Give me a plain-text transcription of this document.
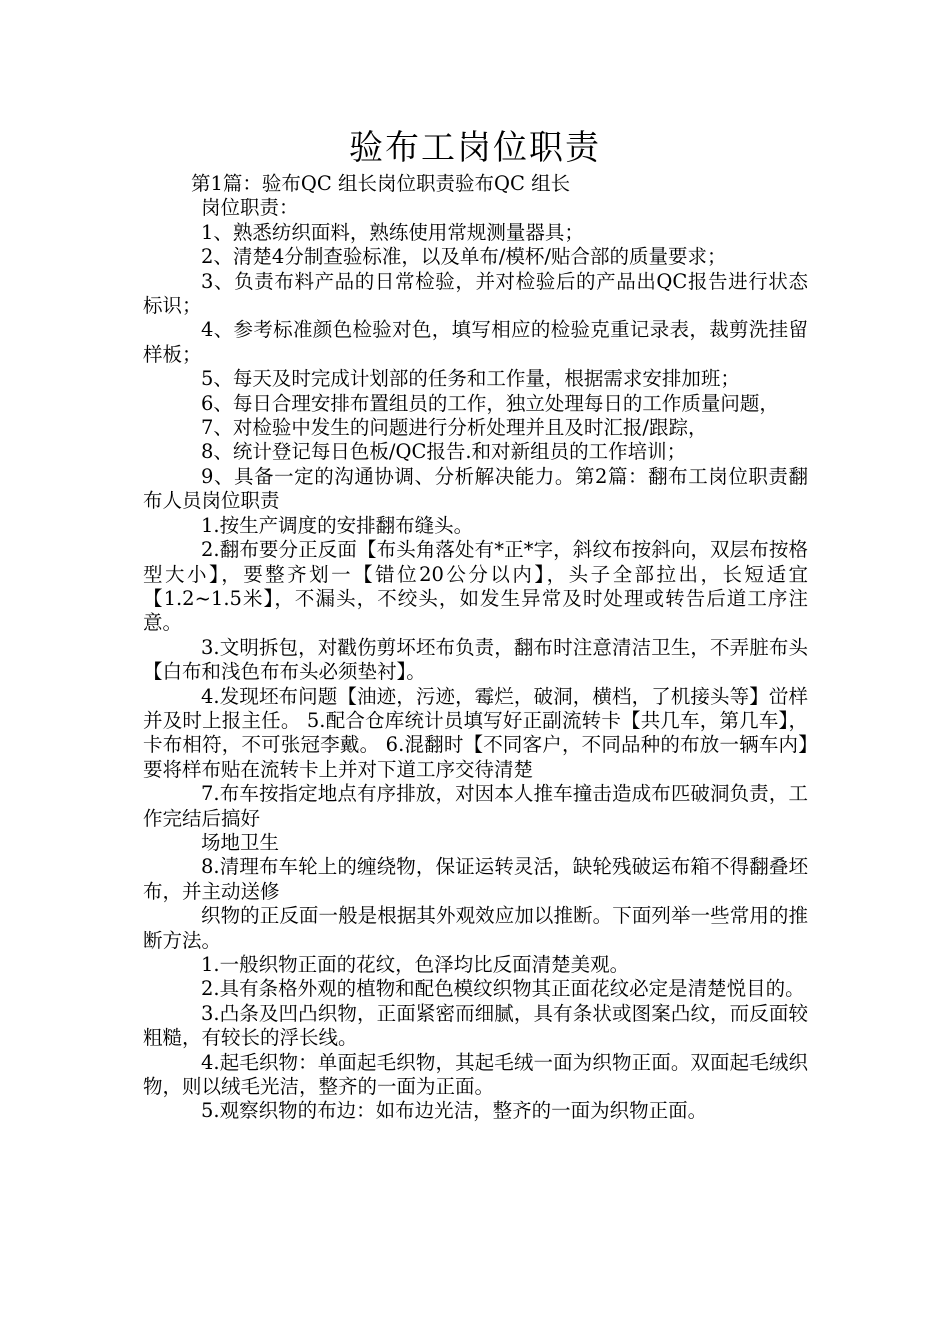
验布工岗位职责

第1篇：验布QC 组长岗位职责验布QC 组长

岗位职责：

1、熟悉纺织面料，熟练使用常规测量器具；

2、清楚4分制查验标准，以及单布/模杯/贴合部的质量要求；

3、负责布料产品的日常检验，并对检验后的产品出QC报告进行状态标识；

4、参考标准颜色检验对色，填写相应的检验克重记录表，裁剪洗挂留样板；

5、每天及时完成计划部的任务和工作量，根据需求安排加班；

6、每日合理安排布置组员的工作，独立处理每日的工作质量问题，

7、对检验中发生的问题进行分析处理并且及时汇报/跟踪，

8、统计登记每日色板/QC报告.和对新组员的工作培训；

9、具备一定的沟通协调、分析解决能力。第2篇：翻布工岗位职责翻布人员岗位职责

1.按生产调度的安排翻布缝头。

2.翻布要分正反面【布头角落处有*正*字，斜纹布按斜向，双层布按格型大小】，要整齐划一【错位20公分以内】，头子全部拉出，长短适宜【1.2~1.5米】，不漏头，不绞头，如发生异常及时处理或转告后道工序注意。

3.文明拆包，对戳伤剪坏坯布负责，翻布时注意清洁卫生，不弄脏布头【白布和浅色布布头必须垫衬】。

4.发现坯布问题【油迹，污迹，霉烂，破洞，横档，了机接头等】峃样并及时上报主任。 5.配合仓库统计员填写好正副流转卡【共几车，第几车】，卡布相符，不可张冠李戴。 6.混翻时【不同客户，不同品种的布放一辆车内】要将样布贴在流转卡上并对下道工序交待清楚

7.布车按指定地点有序排放，对因本人推车撞击造成布匹破洞负责，工作完结后搞好

场地卫生

8.清理布车轮上的缠绕物，保证运转灵活，缺轮残破运布箱不得翻叠坯布，并主动送修

织物的正反面一般是根据其外观效应加以推断。下面列举一些常用的推断方法。

1.一般织物正面的花纹，色泽均比反面清楚美观。

2.具有条格外观的植物和配色模纹织物其正面花纹必定是清楚悦目的。

3.凸条及凹凸织物，正面紧密而细腻，具有条状或图案凸纹，而反面较粗糙，有较长的浮长线。

4.起毛织物：单面起毛织物，其起毛绒一面为织物正面。双面起毛绒织物，则以绒毛光洁，整齐的一面为正面。

5.观察织物的布边：如布边光洁，整齐的一面为织物正面。
